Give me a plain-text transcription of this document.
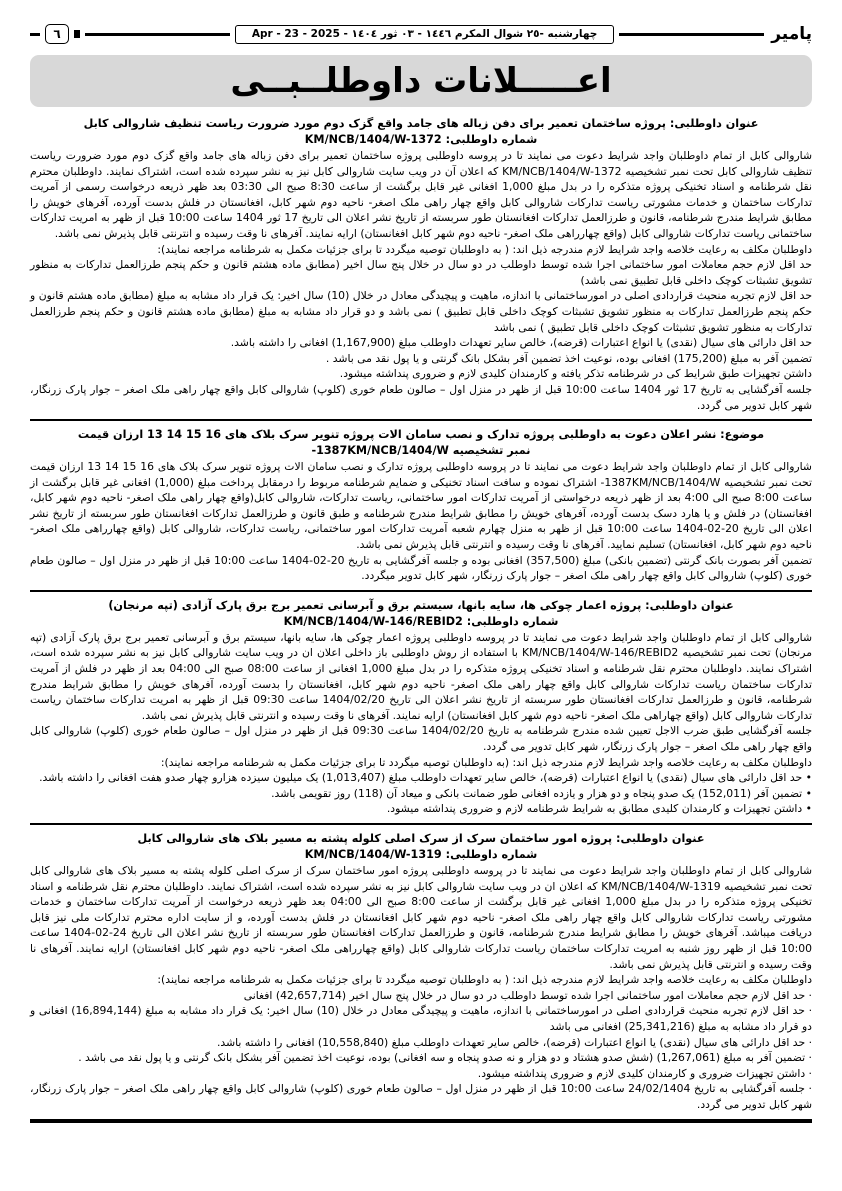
پامیر
چهارشنبه -٢٥ شوال المکرم ١٤٤٦ - ٠٣ ثور ١٤٠٤ - Apr - 23 - 2025
٦
اعـــــلانات داوطلــبــی
عنوان داوطلبی: پروژه ساختمان تعمیر برای دفن زباله های جامد واقع گزک دوم مورد ضرورت ریاست تنظیف شاروالی کابل
شماره داوطلبی: KM/NCB/1404/W-1372

شاروالی کابل از تمام داوطلبان واجد شرایط دعوت می نمایند تا در پروسه داوطلبی پروژه ساختمان تعمیر برای دفن زباله های جامد واقع گزک دوم مورد ضرورت ریاست تنظیف شاروالی کابل تحت نمبر تشخیصیه ⁦KM/NCB/1404/W-1372⁩ که اعلان آن در ویب سایت شاروالی کابل نیز به نشر سپرده شده است، اشتراک نمایند. داوطلبان محترم نقل شرطنامه و اسناد تخنیکی پروژه متذکره را در بدل مبلغ 1,000 افغانی غیر قابل برگشت از ساعت 8:30 صبح الی 03:30 بعد ظهر ذریعه درخواست رسمی از آمریت تدارکات ساختمان و خدمات مشورتی ریاست تدارکات شاروالی کابل واقع چهار راهی ملک اصغر- ناحیه دوم شهر کابل، افغانستان در فلش بدست آورده، آفرهای خویش را مطابق شرایط مندرج شرطنامه، قانون و طرزالعمل تدارکات افغانستان طور سربسته از تاریخ نشر اعلان الی تاریخ 17 ثور 1404 ساعت 10:00 قبل از ظهر به امریت تدارکات ساختمانی ریاست تدارکات شاروالی کابل (واقع چهارراهی ملک اصغر- ناحیه دوم شهر کابل افغانستان) ارایه نمایند. آفرهای نا وقت رسیده و انترنتی قابل پذیرش نمی باشد.

داوطلبان مکلف به رعایت خلاصه واجد شرایط لازم مندرجه ذیل اند: ( به داوطلبان توصیه میگردد تا برای جزئیات مکمل به شرطنامه مراجعه نمایند):

حد اقل لازم حجم معاملات امور ساختمانی اجرا شده توسط داوطلب در دو سال در خلال پنج سال اخیر (مطابق ماده هشتم قانون و حکم پنجم طرزالعمل تدارکات به منظور تشویق تشبثات کوچک داخلی قابل تطبیق نمی باشد)

حد اقل لازم تجربه منحیث قراردادی اصلی در امورساختمانی با اندازه، ماهیت و پیچیدگی معادل در خلال (10) سال اخیر: یک قرار داد مشابه به مبلغ (مطابق ماده هشتم قانون و حکم پنجم طرزالعمل تدارکات به منظور تشویق تشبثات کوچک داخلی قابل تطبیق ) نمی باشد و دو قرار داد مشابه به مبلغ (مطابق ماده هشتم قانون و حکم پنجم طرزالعمل تدارکات به منظور تشویق تشبثات کوچک داخلی قابل تطبیق ) نمی باشد

حد اقل دارائی های سیال (نقدی) یا انواع اعتبارات (قرضه)، خالص سایر تعهدات داوطلب مبلغ (1,167,900) افغانی را داشته باشد.

تضمین آفر به مبلغ (175,200) افغانی بوده، نوعیت اخذ تضمین آفر بشکل بانک گرنتی و یا پول نقد می باشد .

داشتن تجهیزات طبق شرایط کی در شرطنامه تذکر یافته و کارمندان کلیدی لازم و ضروری پنداشته میشود.

جلسه آفرگشایی به تاریخ 17 ثور 1404 ساعت 10:00 قبل از ظهر در منزل اول – صالون طعام خوری (کلوپ) شاروالی کابل واقع چهار راهی ملک اصغر – جوار پارک زرنگار، شهر کابل تدویر می گردد.

موضوع: نشر اعلان دعوت به داوطلبی پروژه تدارک و نصب سامان الات پروژه تنویر سرک بلاک های ⁦13 14 15 16⁩ ارزان قیمت
نمبر تشخیصیه -1387KM/NCB/1404/W

شاروالی کابل از تمام داوطلبان واجد شرایط دعوت می نمایند تا در پروسه داوطلبی پروژه تدارک و نصب سامان الات پروژه تنویر سرک بلاک های ⁦13 14 15 16⁩ ارزان قیمت تحت نمبر تشخیصیه ⁦-1387KM/NCB/1404/W⁩ اشتراک نموده و سافت اسناد تخنیکی و ضمایم شرطنامه مربوط را درمقابل پرداخت مبلغ (1,000) افغانی غیر قابل برگشت از ساعت 8:00 صبح الی 4:00 بعد از ظهر ذریعه درخواستی از آمریت تدارکات امور ساختمانی، ریاست تدارکات، شاروالی کابل(واقع چهار راهی ملک اصغر- ناحیه دوم شهر کابل، افغانستان) در فلش و یا هارد دسک بدست آورده، آفرهای خویش را مطابق شرایط مندرج شرطنامه و طبق قانون و طرزالعمل تدارکات افغانستان طور سربسته از تاریخ نشر اعلان الی تاریخ 20-02-1404 ساعت 10:00 قبل از ظهر به منزل چهارم شعبه آمریت تدارکات امور ساختمانی، ریاست تدارکات، شاروالی کابل (واقع چهارراهی ملک اصغر- ناحیه دوم شهر کابل، افغانستان) تسلیم نمایید. آفرهای نا وقت رسیده و انترنتی قابل پذیرش نمی باشد.

تضمین آفر بصورت بانک گرنتی (تضمین بانکی) مبلغ (357,500) افغانی بوده و جلسه آفرگشایی به تاریخ 20-02-1404 ساعت 10:00 قبل از ظهر در منزل اول – صالون طعام خوری (کلوپ) شاروالی کابل واقع چهار راهی ملک اصغر – جوار پارک زرنگار، شهر کابل تدویر میگردد.

عنوان داوطلبی: پروژه اعمار چوکی ها، سایه بانها، سیستم برق و آبرسانی تعمیر برج برق پارک آزادی (تپه مرنجان)
شماره داوطلبی: KM/NCB/1404/W-146/REBID2

شاروالی کابل از تمام داوطلبان واجد شرایط دعوت می نمایند تا در پروسه داوطلبی پروژه اعمار چوکی ها، سایه بانها، سیستم برق و آبرسانی تعمیر برج برق پارک آزادی (تپه مرنجان) تحت نمبر تشخیصیه ⁦KM/NCB/1404/W-146/REBID2⁩ با استفاده از روش داوطلبی باز داخلی اعلان ان در ویب سایت شاروالی کابل نیز به نشر سپرده شده است، اشتراک نمایند. داوطلبان محترم نقل شرطنامه و اسناد تخنیکی پروژه متذکره را در بدل مبلغ 1,000 افغانی از ساعت 08:00 صبح الی 04:00 بعد از ظهر در فلش از آمریت تدارکات ساختمان ریاست تدارکات شاروالی کابل واقع چهار راهی ملک اصغر- ناحیه دوم شهر کابل، افغانستان را بدست آورده، آفرهای خویش را مطابق شرایط مندرج شرطنامه، قانون و طرزالعمل تدارکات افغانستان طور سربسته از تاریخ نشر اعلان الی تاریخ 1404/02/20 ساعت 09:30 قبل از ظهر به امریت تدارکات ساختمان ریاست تدارکات شاروالی کابل (واقع چهاراهی ملک اصغر- ناحیه دوم شهر کابل افغانستان) ارایه نمایند. آفرهای نا وقت رسیده و انترنتی قابل پذیرش نمی باشد.

جلسه آفرگشایی طبق ضرب الاجل تعیین شده مندرج شرطنامه به تاریخ 1404/02/20 ساعت 09:30 قبل از ظهر در منزل اول – صالون طعام خوری (کلوپ) شاروالی کابل واقع چهار راهی ملک اصغر – جوار پارک زرنگار، شهر کابل تدویر می گردد.

داوطلبان مکلف به رعایت خلاصه واجد شرایط لازم مندرجه ذیل اند: (به داوطلبان توصیه میگردد تا برای جزئیات مکمل به شرطنامه مراجعه نمایند):

• حد اقل دارائی های سیال (نقدی) یا انواع اعتبارات (قرضه)، خالص سایر تعهدات داوطلب مبلغ (1,013,407) یک میلیون سیزده هزارو چهار صدو هفت افغانی را داشته باشد.

• تضمین آفر (152,011) یک صدو پنجاه و دو هزار و یازده افغانی طور ضمانت بانکی و میعاد آن (118) روز تقویمی باشد.

• داشتن تجهیزات و کارمندان کلیدی مطابق به شرایط شرطنامه لازم و ضروری پنداشته میشود.

عنوان داوطلبی: پروژه امور ساختمان سرک از سرک اصلی کلوله پشته به مسیر بلاک های شاروالی کابل
شماره داوطلبی: KM/NCB/1404/W-1319

شاروالی کابل از تمام داوطلبان واجد شرایط دعوت می نمایند تا در پروسه داوطلبی پروژه امور ساختمان سرک از سرک اصلی کلوله پشته به مسیر بلاک های شاروالی کابل تحت نمبر تشخیصیه ⁦KM/NCB/1404/W-1319⁩ که اعلان ان در ویب سایت شاروالی کابل نیز به نشر سپرده شده است، اشتراک نمایند. داوطلبان محترم نقل شرطنامه و اسناد تخنیکی پروژه متذکره را در بدل مبلغ 1,000 افغانی غیر قابل برگشت از ساعت 8:00 صبح الی 04:00 بعد ظهر ذریعه درخواست از آمریت تدارکات ساختمان و خدمات مشورتی ریاست تدارکات شاروالی کابل واقع چهار راهی ملک اصغر- ناحیه دوم شهر کابل افغانستان در فلش بدست آورده، و از سایت اداره محترم تدارکات ملی نیز قابل دریافت میباشد. آفرهای خویش را مطابق شرایط مندرج شرطنامه، قانون و طرزالعمل تدارکات افغانستان طور سربسته از تاریخ نشر اعلان الی تاریخ 24-02-1404 ساعت 10:00 قبل از ظهر روز شنبه به امریت تدارکات ساختمان ریاست تدارکات شاروالی کابل (واقع چهارراهی ملک اصغر- ناحیه دوم شهر کابل افغانستان) ارایه نمایند. آفرهای نا وقت رسیده و انترنتی قابل پذیرش نمی باشد.

داوطلبان مکلف به رعایت خلاصه واجد شرایط لازم مندرجه ذیل اند: ( به داوطلبان توصیه میگردد تا برای جزئیات مکمل به شرطنامه مراجعه نمایند):

· حد اقل لازم حجم معاملات امور ساختمانی اجرا شده توسط داوطلب در دو سال در خلال پنج سال اخیر (42,657,714) افغانی

· حد اقل لازم تجربه منحیث قراردادی اصلی در امورساختمانی با اندازه، ماهیت و پیچیدگی معادل در خلال (10) سال اخیر: یک قرار داد مشابه به مبلغ (16,894,144) افغانی و دو قرار داد مشابه به مبلغ (25,341,216) افغانی می باشد

· حد اقل دارائی های سیال (نقدی) یا انواع اعتبارات (قرضه)، خالص سایر تعهدات داوطلب مبلغ (10,558,840) افغانی را داشته باشد.

· تضمین آفر به مبلغ (1,267,061) (شش صدو هشتاد و دو هزار و نه صدو پنجاه و سه افغانی) بوده، نوعیت اخذ تضمین آفر بشکل بانک گرنتی و یا پول نقد می باشد .

· داشتن تجهیزات ضروری و کارمندان کلیدی لازم و ضروری پنداشته میشود.

· جلسه آفرگشایی به تاریخ 24/02/1404 ساعت 10:00 قبل از ظهر در منزل اول – صالون طعام خوری (کلوپ) شاروالی کابل واقع چهار راهی ملک اصغر – جوار پارک زرنگار، شهر کابل تدویر می گردد.
